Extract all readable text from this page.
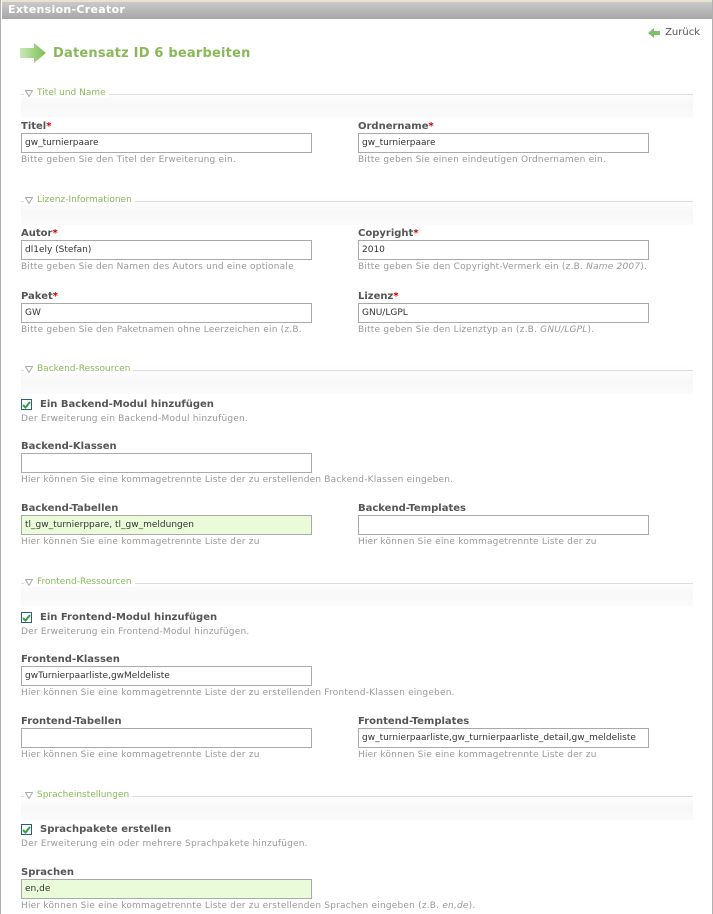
Extension-Creator
Zurück
Datensatz ID 6 bearbeiten
Titel und Name
Titel*
gw_turnierpaare
Bitte geben Sie den Titel der Erweiterung ein.
Ordnername*
gw_turnierpaare
Bitte geben Sie einen eindeutigen Ordnernamen ein.
Lizenz-Informationen
Autor*
dl1ely (Stefan)
Bitte geben Sie den Namen des Autors und eine optionale
Copyright*
2010
Bitte geben Sie den Copyright-Vermerk ein (z.B. Name 2007).
Paket*
GW
Bitte geben Sie den Paketnamen ohne Leerzeichen ein (z.B.
Lizenz*
GNU/LGPL
Bitte geben Sie den Lizenztyp an (z.B. GNU/LGPL).
Backend-Ressourcen
Ein Backend-Modul hinzufügen
Der Erweiterung ein Backend-Modul hinzufügen.
Backend-Klassen
Hier können Sie eine kommagetrennte Liste der zu erstellenden Backend-Klassen eingeben.
Backend-Tabellen
tl_gw_turnierppare, tl_gw_meldungen
Hier können Sie eine kommagetrennte Liste der zu
Backend-Templates
Hier können Sie eine kommagetrennte Liste der zu
Frontend-Ressourcen
Ein Frontend-Modul hinzufügen
Der Erweiterung ein Frontend-Modul hinzufügen.
Frontend-Klassen
gwTurnierpaarliste,gwMeldeliste
Hier können Sie eine kommagetrennte Liste der zu erstellenden Frontend-Klassen eingeben.
Frontend-Tabellen
Hier können Sie eine kommagetrennte Liste der zu
Frontend-Templates
gw_turnierpaarliste,gw_turnierpaarliste_detail,gw_meldeliste
Hier können Sie eine kommagetrennte Liste der zu
Spracheinstellungen
Sprachpakete erstellen
Der Erweiterung ein oder mehrere Sprachpakete hinzufügen.
Sprachen
en,de
Hier können Sie eine kommagetrennte Liste der zu erstellenden Sprachen eingeben (z.B. en,de).
